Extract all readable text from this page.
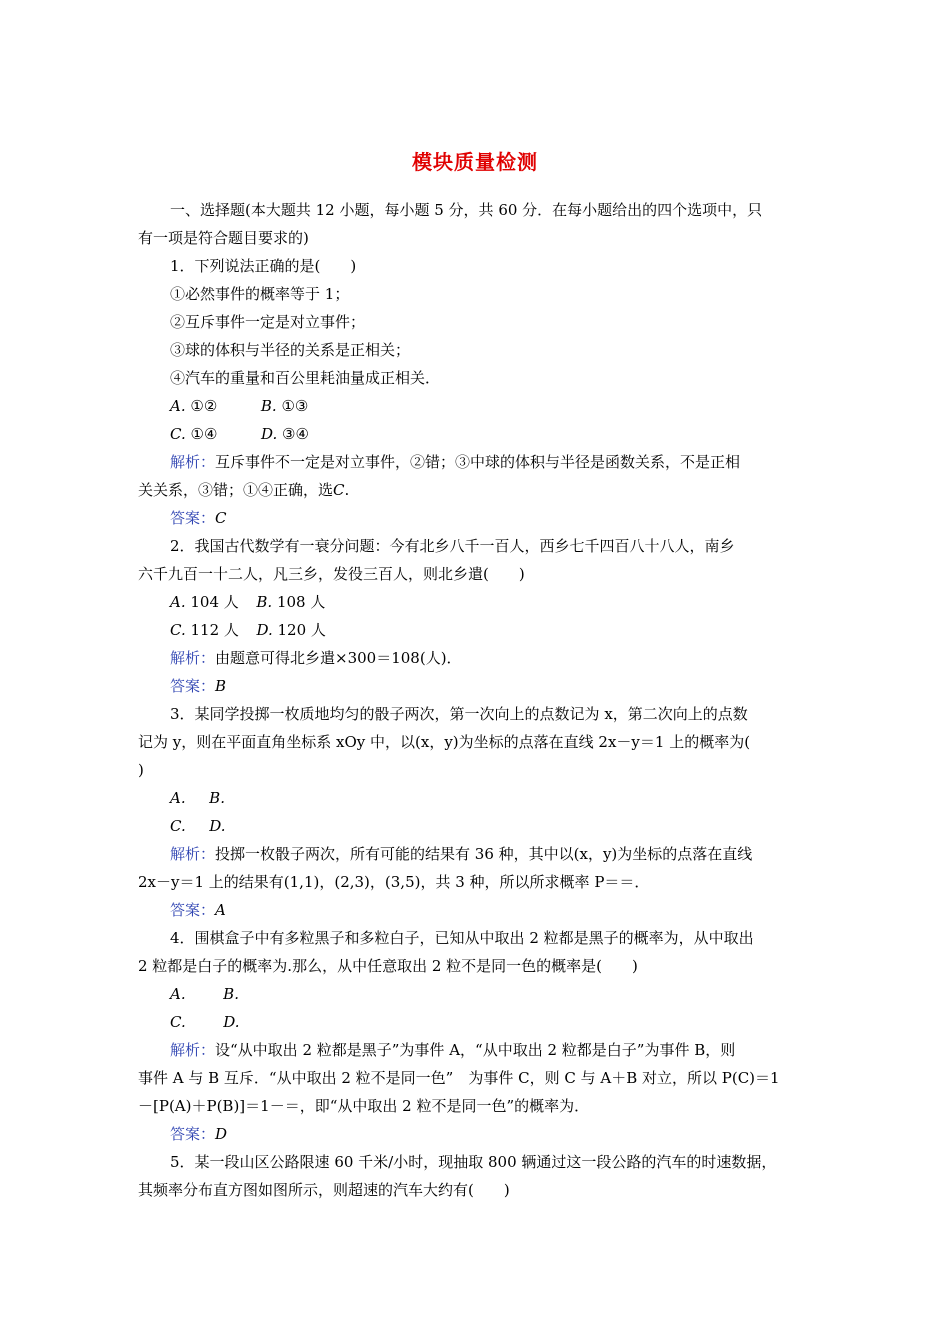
模块质量检测
一、选择题(本大题共 12 小题，每小题 5 分，共 60 分．在每小题给出的四个选项中，只
有一项是符合题目要求的)
1．下列说法正确的是(　　)
①必然事件的概率等于 1；
②互斥事件一定是对立事件；
③球的体积与半径的关系是正相关；
④汽车的重量和百公里耗油量成正相关．
A. ①②	B. ①③
C. ①④	D. ③④
解析：互斥事件不一定是对立事件，②错；③中球的体积与半径是函数关系，不是正相
关关系，③错；①④正确，选C.
答案：C
2．我国古代数学有一衰分问题：今有北乡八千一百人，西乡七千四百八十八人，南乡
六千九百一十二人，凡三乡，发役三百人，则北乡遣(　　)
A. 104 人 B. 108 人
C. 112 人 D. 120 人
解析：由题意可得北乡遣×300＝108(人)．
答案：B
3．某同学投掷一枚质地均匀的骰子两次，第一次向上的点数记为 x，第二次向上的点数
记为 y，则在平面直角坐标系 xOy 中，以(x，y)为坐标的点落在直线 2x－y＝1 上的概率为(
)
A. B.
C. D.
解析：投掷一枚骰子两次，所有可能的结果有 36 种，其中以(x，y)为坐标的点落在直线
2x－y＝1 上的结果有(1,1)，(2,3)，(3,5)，共 3 种，所以所求概率 P＝＝．
答案：A
4．围棋盒子中有多粒黑子和多粒白子，已知从中取出 2 粒都是黑子的概率为，从中取出
2 粒都是白子的概率为.那么，从中任意取出 2 粒不是同一色的概率是(　　)
A.	B.
C.	D.
解析：设“从中取出 2 粒都是黑子”为事件 A，“从中取出 2 粒都是白子”为事件 B，则
事件 A 与 B 互斥．“从中取出 2 粒不是同一色”　为事件 C，则 C 与 A＋B 对立，所以 P(C)＝1
－[P(A)＋P(B)]＝1－＝，即“从中取出 2 粒不是同一色”的概率为．
答案：D
5．某一段山区公路限速 60 千米/小时，现抽取 800 辆通过这一段公路的汽车的时速数据，
其频率分布直方图如图所示，则超速的汽车大约有(　　)
